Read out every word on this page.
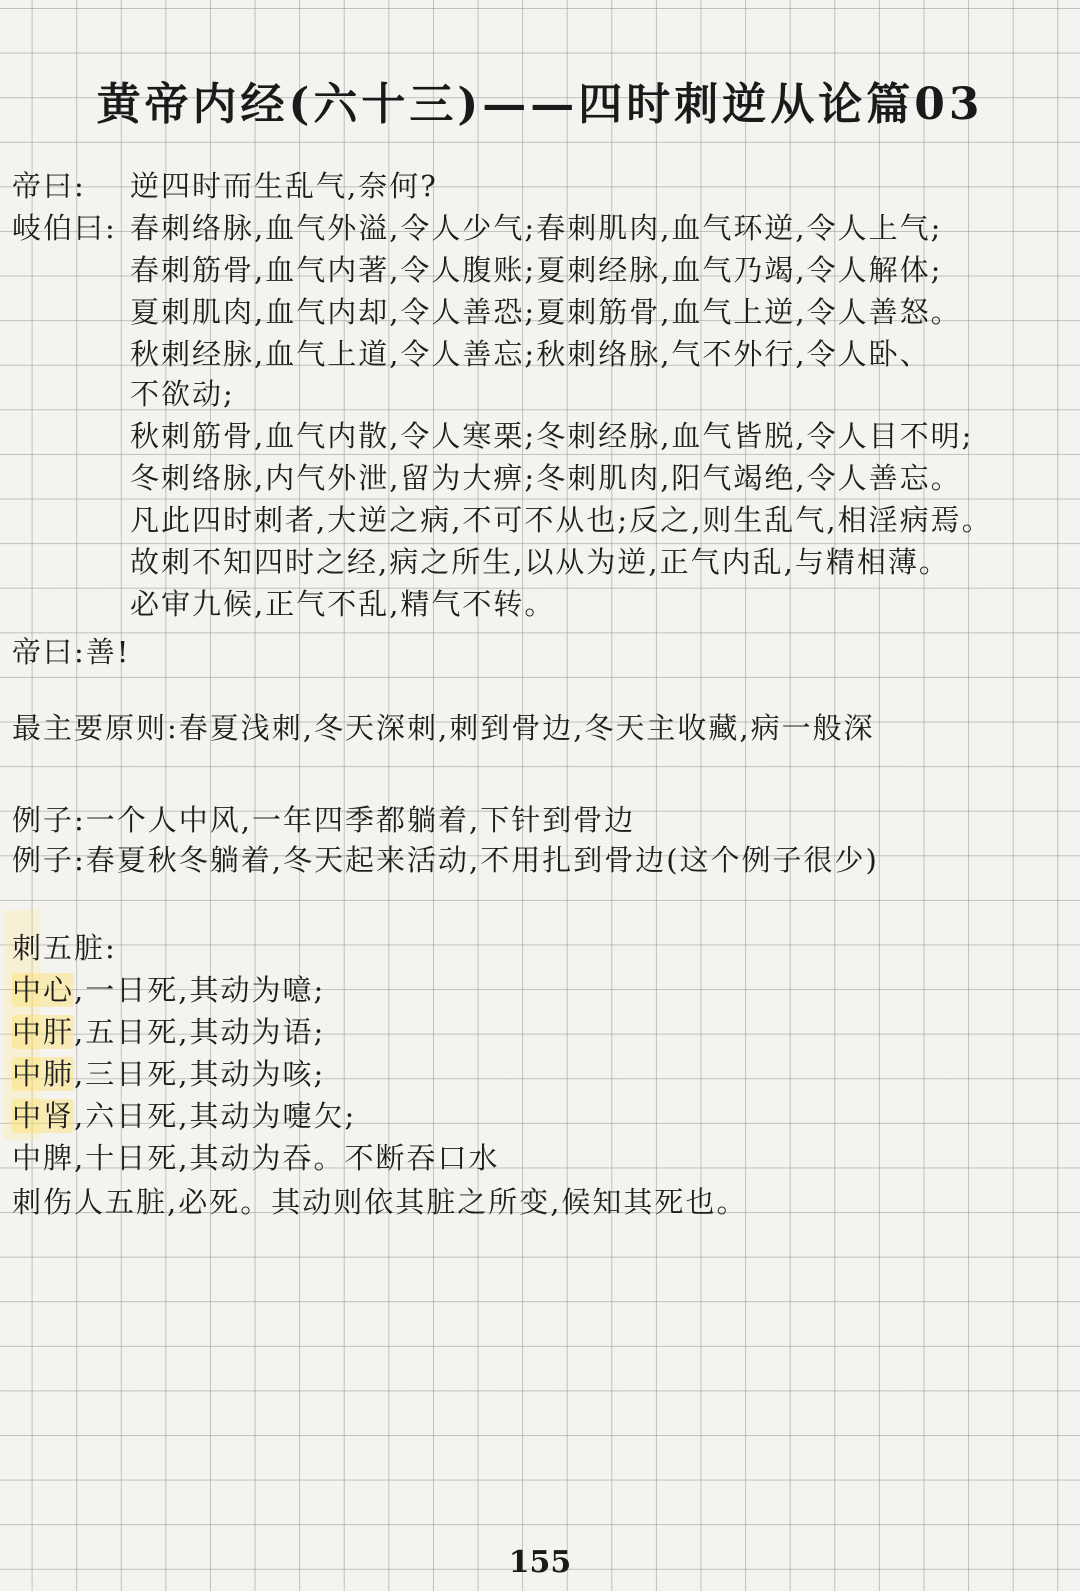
黄帝内经(六十三)——四时刺逆从论篇03
帝曰: 逆四时而生乱气,奈何?
岐伯曰: 春刺络脉,血气外溢,令人少气;春刺肌肉,血气环逆,令人上气;
春刺筋骨,血气内著,令人腹账;夏刺经脉,血气乃竭,令人解体;
夏刺肌肉,血气内却,令人善恐;夏刺筋骨,血气上逆,令人善怒。
秋刺经脉,血气上道,令人善忘;秋刺络脉,气不外行,令人卧、
不欲动;
秋刺筋骨,血气内散,令人寒栗;冬刺经脉,血气皆脱,令人目不明;
冬刺络脉,内气外泄,留为大痹;冬刺肌肉,阳气竭绝,令人善忘。
凡此四时刺者,大逆之病,不可不从也;反之,则生乱气,相淫病焉。
故刺不知四时之经,病之所生,以从为逆,正气内乱,与精相薄。
必审九候,正气不乱,精气不转。
帝曰:善!
最主要原则:春夏浅刺,冬天深刺,刺到骨边,冬天主收藏,病一般深
例子:一个人中风,一年四季都躺着,下针到骨边
例子:春夏秋冬躺着,冬天起来活动,不用扎到骨边(这个例子很少)
刺五脏:
中心,一日死,其动为噫;
中肝,五日死,其动为语;
中肺,三日死,其动为咳;
中肾,六日死,其动为嚏欠;
中脾,十日死,其动为吞。不断吞口水
刺伤人五脏,必死。其动则依其脏之所变,候知其死也。
155
